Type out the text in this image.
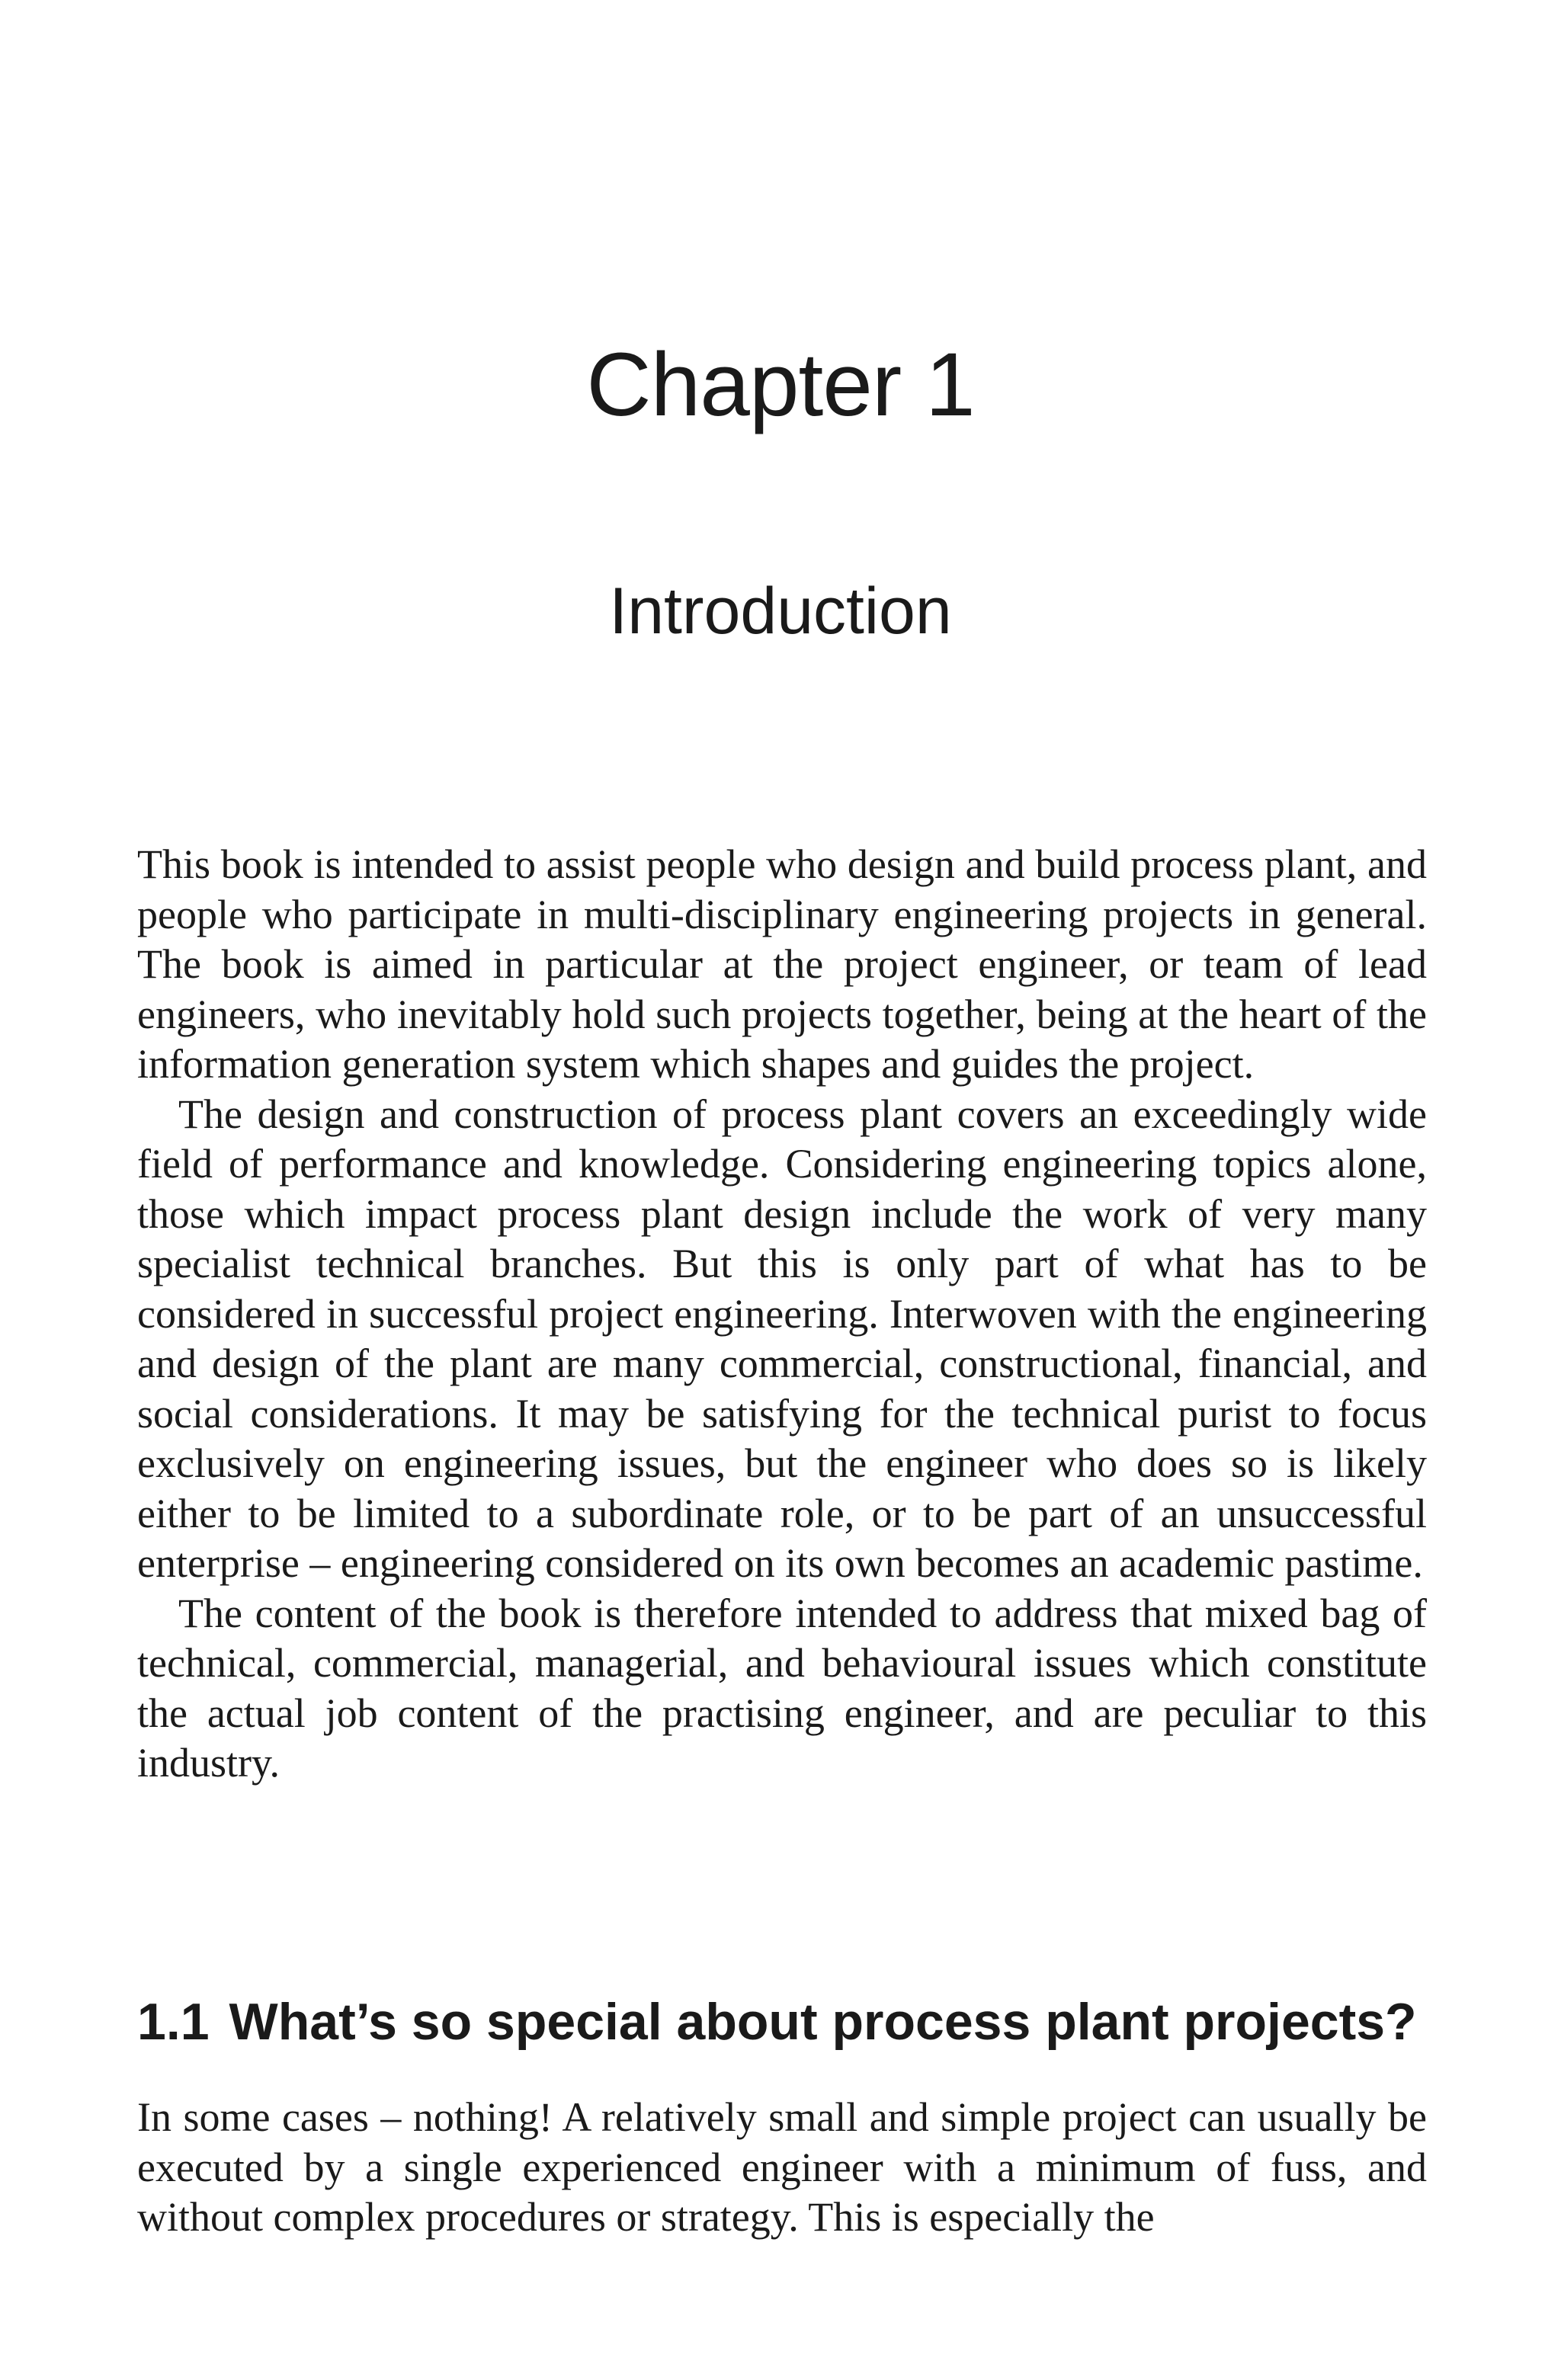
Chapter 1
Introduction

This book is intended to assist people who design and build process plant, and people who participate in multi-disciplinary engineering projects in general. The book is aimed in particular at the project engineer, or team of lead engineers, who inevitably hold such projects together, being at the heart of the information generation system which shapes and guides the project.

The design and construction of process plant covers an exceedingly wide field of performance and knowledge. Considering engineering topics alone, those which impact process plant design include the work of very many specialist technical branches. But this is only part of what has to be considered in successful project engineering. Interwoven with the engineering and design of the plant are many commercial, constructional, financial, and social considerations. It may be satisfying for the technical purist to focus exclusively on engineering issues, but the engineer who does so is likely either to be limited to a subordinate role, or to be part of an unsuccessful enterprise – engineering considered on its own becomes an academic pastime.

The content of the book is therefore intended to address that mixed bag of technical, commercial, managerial, and behavioural issues which constitute the actual job content of the practising engineer, and are peculiar to this industry.

1.1 What’s so special about process plant projects?

In some cases – nothing! A relatively small and simple project can usually be executed by a single experienced engineer with a minimum of fuss, and without complex procedures or strategy. This is especially the
